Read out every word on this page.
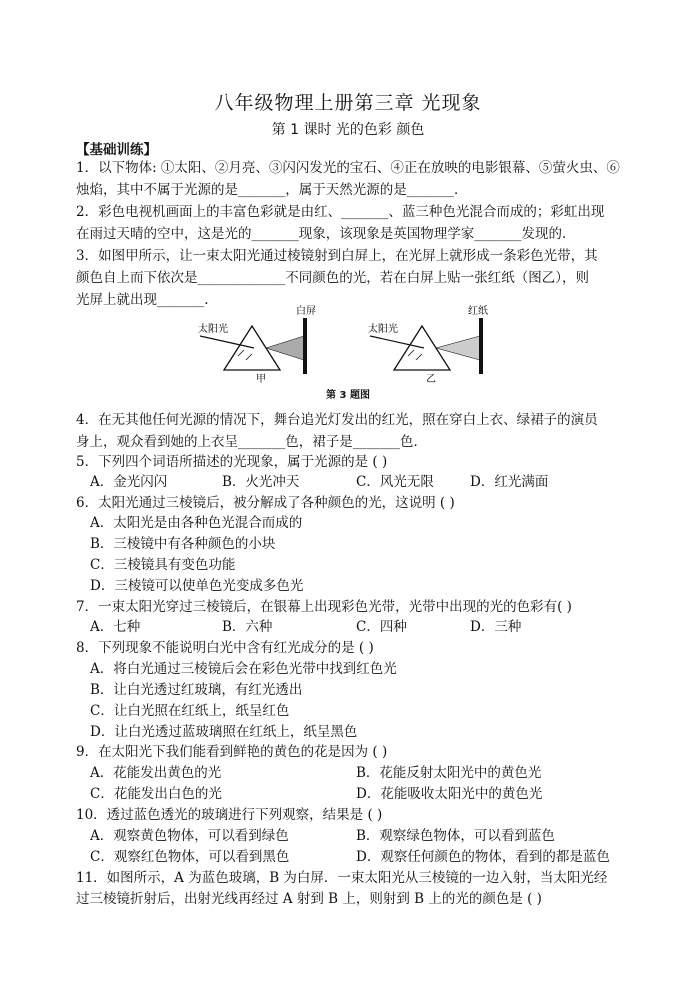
八年级物理上册第三章 光现象
第 1 课时 光的色彩 颜色
【基础训练】
1．以下物体: ①太阳、②月亮、③闪闪发光的宝石、④正在放映的电影银幕、⑤萤火虫、⑥
烛焰，其中不属于光源的是_______，属于天然光源的是_______．
2．彩色电视机画面上的丰富色彩就是由红、_______、蓝三种色光混合而成的；彩虹出现
在雨过天晴的空中，这是光的_______现象，该现象是英国物理学家_______发现的．
3．如图甲所示，让一束太阳光通过棱镜射到白屏上，在光屏上就形成一条彩色光带，其
颜色自上而下依次是_____________不同颜色的光，若在白屏上贴一张红纸（图乙），则
光屏上就出现_______.
太阳光
白屏
甲
太阳光
红纸
乙
第 3 题图
4．在无其他任何光源的情况下，舞台追光灯发出的红光，照在穿白上衣、绿裙子的演员
身上，观众看到她的上衣呈_______色，裙子是_______色．
5．下列四个词语所描述的光现象，属于光源的是 ( )
A．金光闪闪	B．火光冲天	C．风光无限	D．红光满面
6．太阳光通过三棱镜后，被分解成了各种颜色的光，这说明 ( )
A．太阳光是由各种色光混合而成的
B．三棱镜中有各种颜色的小块
C．三棱镜具有变色功能
D．三棱镜可以使单色光变成多色光
7．一束太阳光穿过三棱镜后，在银幕上出现彩色光带，光带中出现的光的色彩有( )
A．七种	B．六种	C．四种	D．三种
8．下列现象不能说明白光中含有红光成分的是 ( )
A．将白光通过三棱镜后会在彩色光带中找到红色光
B．让白光透过红玻璃，有红光透出
C．让白光照在红纸上，纸呈红色
D．让白光透过蓝玻璃照在红纸上，纸呈黑色
9．在太阳光下我们能看到鲜艳的黄色的花是因为 ( )
A．花能发出黄色的光	B．花能反射太阳光中的黄色光
C．花能发出白色的光	D．花能吸收太阳光中的黄色光
10．透过蓝色透光的玻璃进行下列观察，结果是 ( )
A．观察黄色物体，可以看到绿色	B．观察绿色物体，可以看到蓝色
C．观察红色物体，可以看到黑色	D．观察任何颜色的物体，看到的都是蓝色
11．如图所示，A 为蓝色玻璃，B 为白屏．一束太阳光从三棱镜的一边入射，当太阳光经
过三棱镜折射后，出射光线再经过 A 射到 B 上，则射到 B 上的光的颜色是 ( )
